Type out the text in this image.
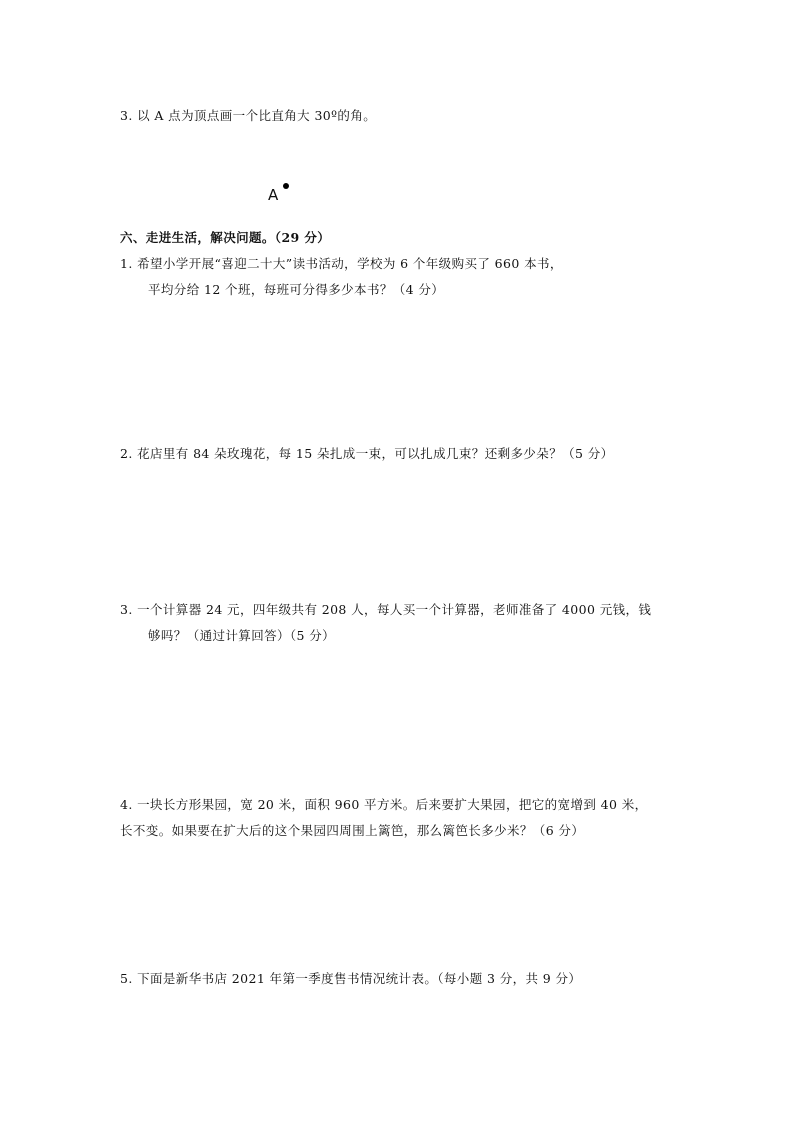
3. 以 A 点为顶点画一个比直角大 30º的角。
A
六、走进生活，解决问题。（29 分）
1. 希望小学开展“喜迎二十大”读书活动，学校为 6 个年级购买了 660 本书，
平均分给 12 个班，每班可分得多少本书？（4 分）
2. 花店里有 84 朵玫瑰花，每 15 朵扎成一束，可以扎成几束？还剩多少朵？（5 分）
3. 一个计算器 24 元，四年级共有 208 人，每人买一个计算器，老师准备了 4000 元钱，钱
够吗？（通过计算回答）（5 分）
4. 一块长方形果园，宽 20 米，面积 960 平方米。后来要扩大果园，把它的宽增到 40 米，
长不变。如果要在扩大后的这个果园四周围上篱笆，那么篱笆长多少米？（6 分）
5. 下面是新华书店 2021 年第一季度售书情况统计表。（每小题 3 分，共 9 分）
